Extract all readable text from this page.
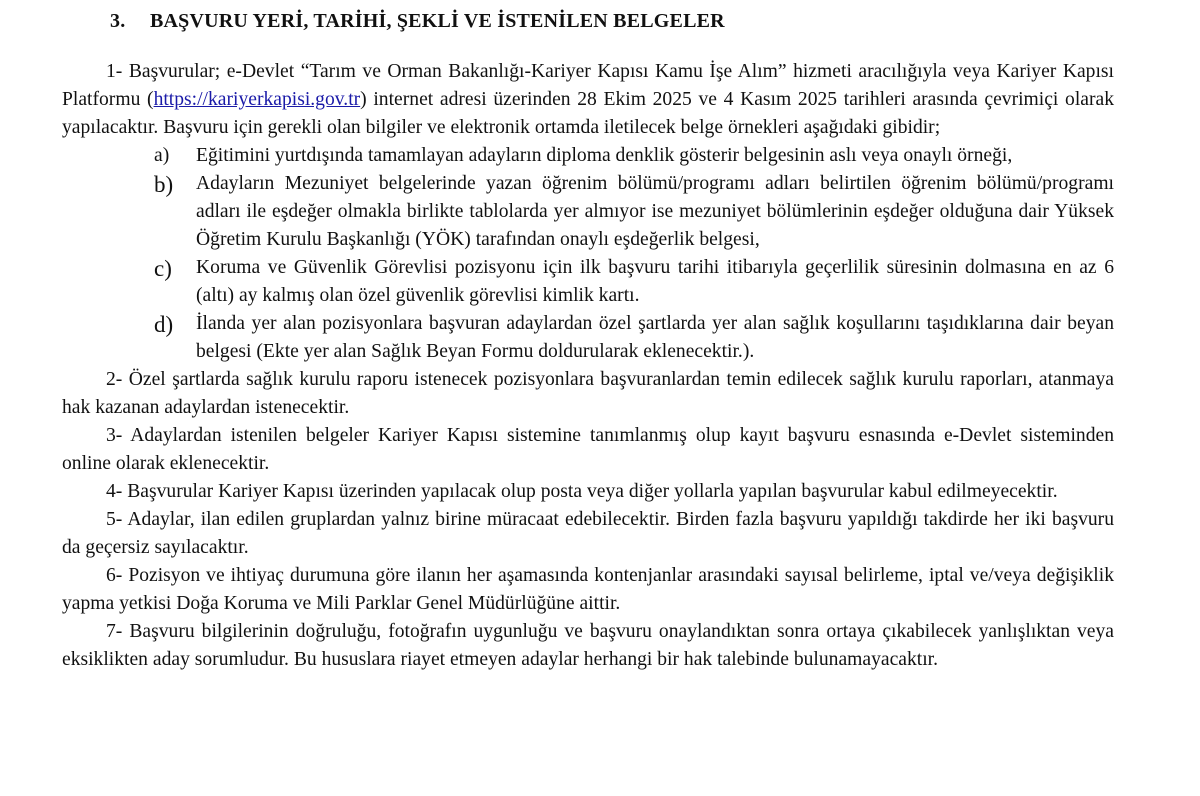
3. BAŞVURU YERİ, TARİHİ, ŞEKLİ VE İSTENİLEN BELGELER

1- Başvurular; e-Devlet “Tarım ve Orman Bakanlığı-Kariyer Kapısı Kamu İşe Alım” hizmeti aracılığıyla veya Kariyer Kapısı Platformu (https://kariyerkapisi.gov.tr) internet adresi üzerinden 28 Ekim 2025 ve 4 Kasım 2025 tarihleri arasında çevrimiçi olarak yapılacaktır. Başvuru için gerekli olan bilgiler ve elektronik ortamda iletilecek belge örnekleri aşağıdaki gibidir;

a) Eğitimini yurtdışında tamamlayan adayların diploma denklik gösterir belgesinin aslı veya onaylı örneği,
b) Adayların Mezuniyet belgelerinde yazan öğrenim bölümü/programı adları belirtilen öğrenim bölümü/programı adları ile eşdeğer olmakla birlikte tablolarda yer almıyor ise mezuniyet bölümlerinin eşdeğer olduğuna dair Yüksek Öğretim Kurulu Başkanlığı (YÖK) tarafından onaylı eşdeğerlik belgesi,
c) Koruma ve Güvenlik Görevlisi pozisyonu için ilk başvuru tarihi itibarıyla geçerlilik süresinin dolmasına en az 6 (altı) ay kalmış olan özel güvenlik görevlisi kimlik kartı.
d) İlanda yer alan pozisyonlara başvuran adaylardan özel şartlarda yer alan sağlık koşullarını taşıdıklarına dair beyan belgesi (Ekte yer alan Sağlık Beyan Formu doldurularak eklenecektir.).

2- Özel şartlarda sağlık kurulu raporu istenecek pozisyonlara başvuranlardan temin edilecek sağlık kurulu raporları, atanmaya hak kazanan adaylardan istenecektir.

3- Adaylardan istenilen belgeler Kariyer Kapısı sistemine tanımlanmış olup kayıt başvuru esnasında e-Devlet sisteminden online olarak eklenecektir.

4- Başvurular Kariyer Kapısı üzerinden yapılacak olup posta veya diğer yollarla yapılan başvurular kabul edilmeyecektir.

5- Adaylar, ilan edilen gruplardan yalnız birine müracaat edebilecektir. Birden fazla başvuru yapıldığı takdirde her iki başvuru da geçersiz sayılacaktır.

6- Pozisyon ve ihtiyaç durumuna göre ilanın her aşamasında kontenjanlar arasındaki sayısal belirleme, iptal ve/veya değişiklik yapma yetkisi Doğa Koruma ve Mili Parklar Genel Müdürlüğüne aittir.

7- Başvuru bilgilerinin doğruluğu, fotoğrafın uygunluğu ve başvuru onaylandıktan sonra ortaya çıkabilecek yanlışlıktan veya eksiklikten aday sorumludur. Bu hususlara riayet etmeyen adaylar herhangi bir hak talebinde bulunamayacaktır.
